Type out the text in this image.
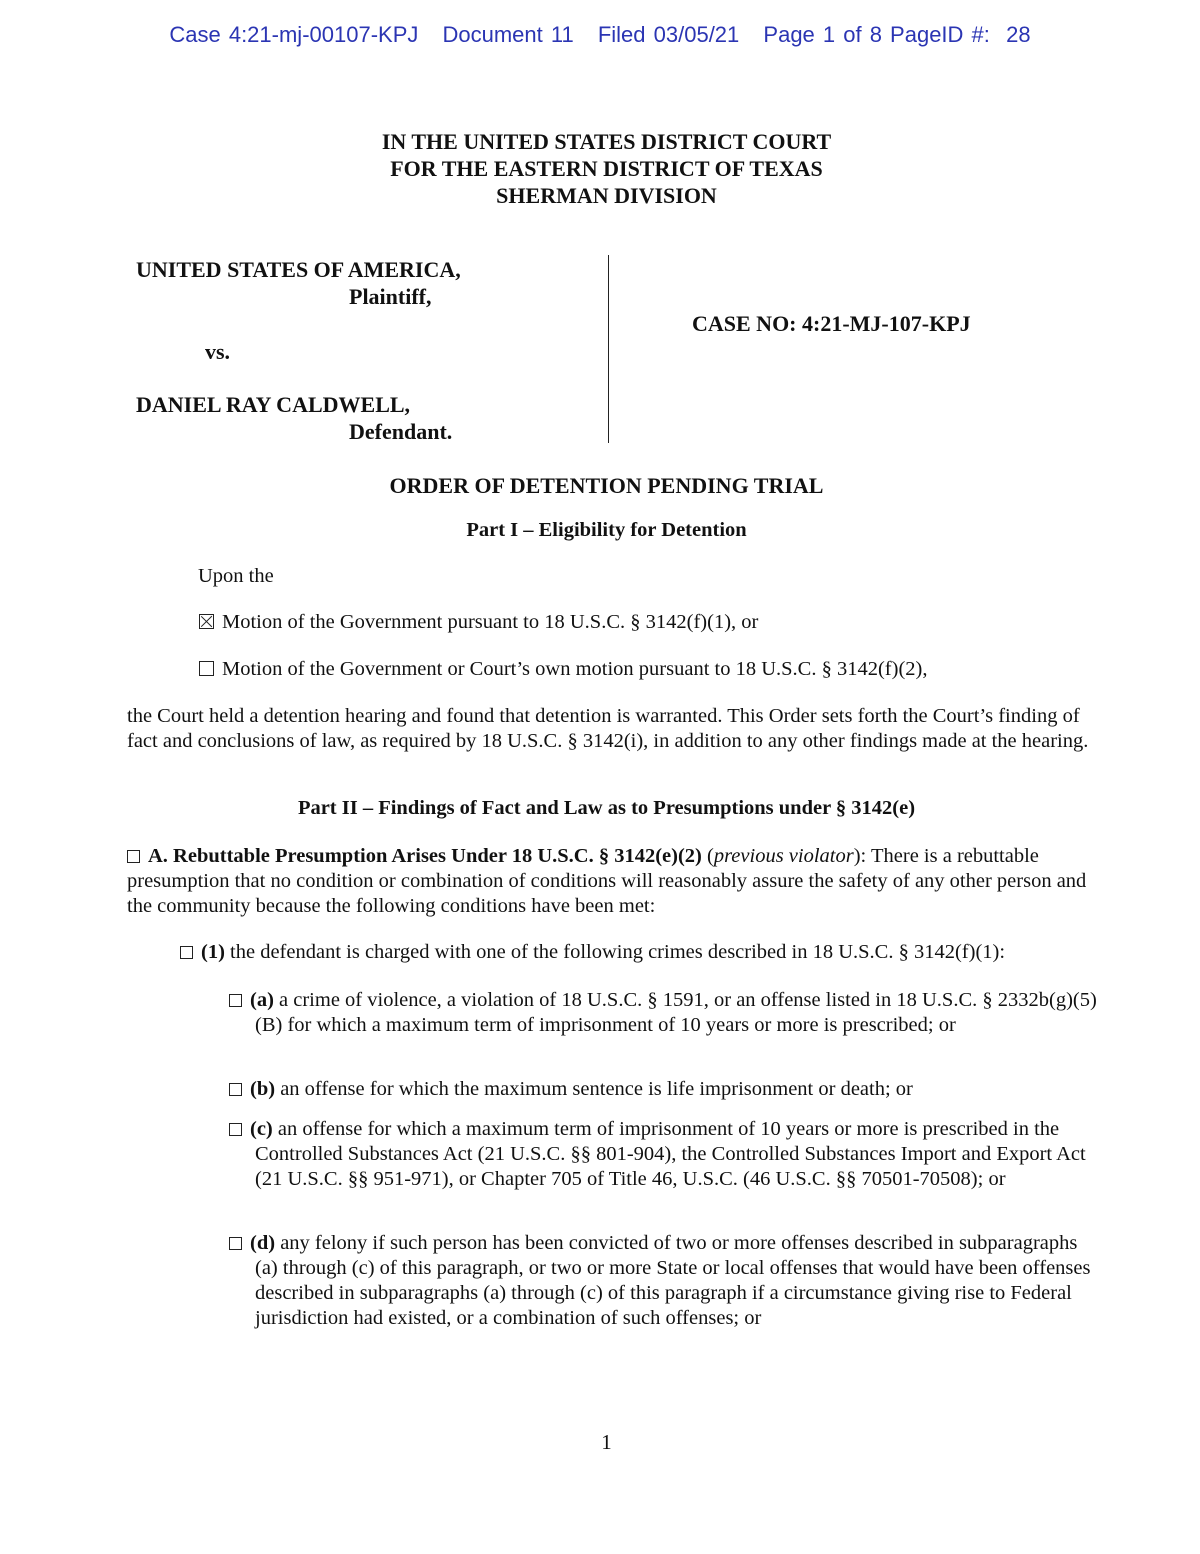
Case 4:21-mj-00107-KPJ Document 11 Filed 03/05/21 Page 1 of 8 PageID #: 28
IN THE UNITED STATES DISTRICT COURT
FOR THE EASTERN DISTRICT OF TEXAS
SHERMAN DIVISION
UNITED STATES OF AMERICA,
Plaintiff,
vs.
DANIEL RAY CALDWELL,
Defendant.
CASE NO: 4:21-MJ-107-KPJ
ORDER OF DETENTION PENDING TRIAL
Part I – Eligibility for Detention
Upon the
Motion of the Government pursuant to 18 U.S.C. § 3142(f)(1), or
Motion of the Government or Court’s own motion pursuant to 18 U.S.C. § 3142(f)(2),
the Court held a detention hearing and found that detention is warranted. This Order sets forth the Court’s finding of fact and conclusions of law, as required by 18 U.S.C. § 3142(i), in addition to any other findings made at the hearing.
Part II – Findings of Fact and Law as to Presumptions under § 3142(e)
A. Rebuttable Presumption Arises Under 18 U.S.C. § 3142(e)(2) (previous violator): There is a rebuttable presumption that no condition or combination of conditions will reasonably assure the safety of any other person and the community because the following conditions have been met:
(1) the defendant is charged with one of the following crimes described in 18 U.S.C. § 3142(f)(1):
(a) a crime of violence, a violation of 18 U.S.C. § 1591, or an offense listed in 18 U.S.C. § 2332b(g)(5)(B) for which a maximum term of imprisonment of 10 years or more is prescribed; or
(b) an offense for which the maximum sentence is life imprisonment or death; or
(c) an offense for which a maximum term of imprisonment of 10 years or more is prescribed in the Controlled Substances Act (21 U.S.C. §§ 801-904), the Controlled Substances Import and Export Act (21 U.S.C. §§ 951-971), or Chapter 705 of Title 46, U.S.C. (46 U.S.C. §§ 70501-70508); or
(d) any felony if such person has been convicted of two or more offenses described in subparagraphs (a) through (c) of this paragraph, or two or more State or local offenses that would have been offenses described in subparagraphs (a) through (c) of this paragraph if a circumstance giving rise to Federal jurisdiction had existed, or a combination of such offenses; or
1
